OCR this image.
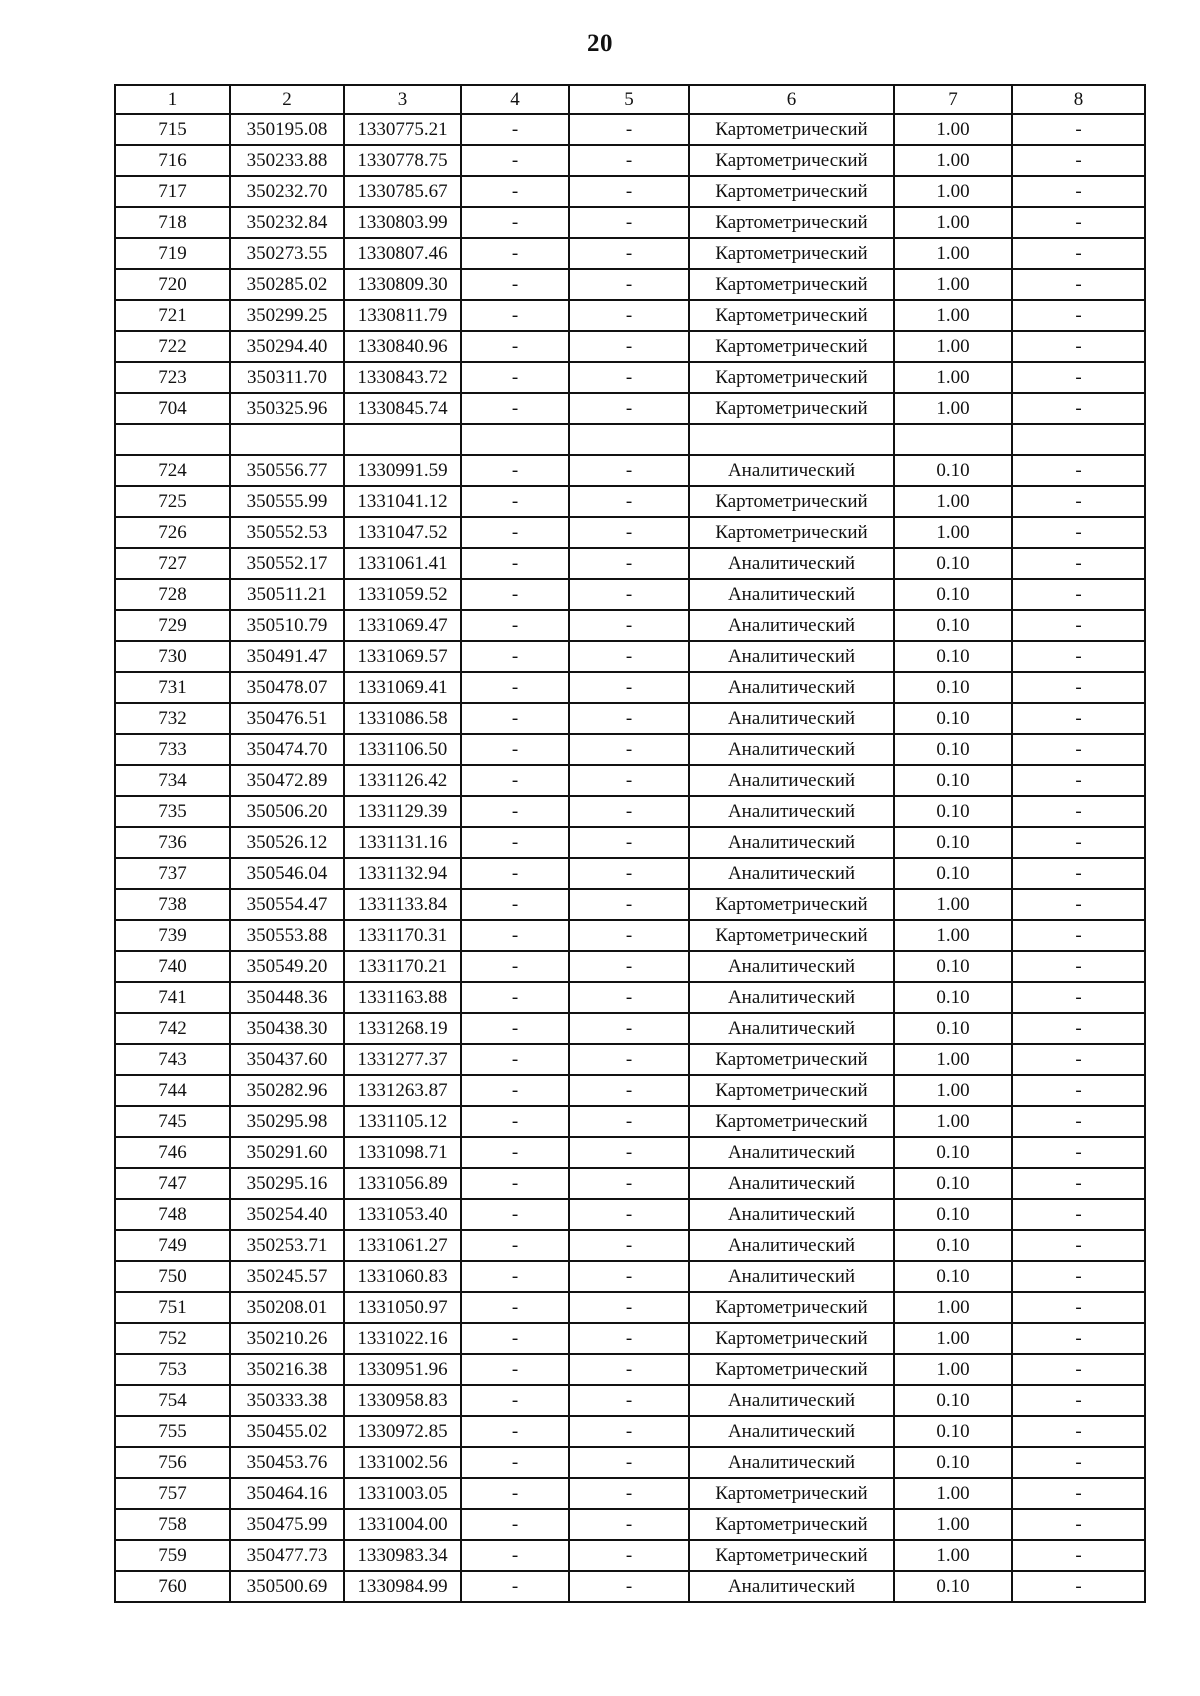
20
1	2	3	4	5	6	7	8
715	350195.08	1330775.21	-	-	Картометрический	1.00	-
716	350233.88	1330778.75	-	-	Картометрический	1.00	-
717	350232.70	1330785.67	-	-	Картометрический	1.00	-
718	350232.84	1330803.99	-	-	Картометрический	1.00	-
719	350273.55	1330807.46	-	-	Картометрический	1.00	-
720	350285.02	1330809.30	-	-	Картометрический	1.00	-
721	350299.25	1330811.79	-	-	Картометрический	1.00	-
722	350294.40	1330840.96	-	-	Картометрический	1.00	-
723	350311.70	1330843.72	-	-	Картометрический	1.00	-
704	350325.96	1330845.74	-	-	Картометрический	1.00	-

724	350556.77	1330991.59	-	-	Аналитический	0.10	-
725	350555.99	1331041.12	-	-	Картометрический	1.00	-
726	350552.53	1331047.52	-	-	Картометрический	1.00	-
727	350552.17	1331061.41	-	-	Аналитический	0.10	-
728	350511.21	1331059.52	-	-	Аналитический	0.10	-
729	350510.79	1331069.47	-	-	Аналитический	0.10	-
730	350491.47	1331069.57	-	-	Аналитический	0.10	-
731	350478.07	1331069.41	-	-	Аналитический	0.10	-
732	350476.51	1331086.58	-	-	Аналитический	0.10	-
733	350474.70	1331106.50	-	-	Аналитический	0.10	-
734	350472.89	1331126.42	-	-	Аналитический	0.10	-
735	350506.20	1331129.39	-	-	Аналитический	0.10	-
736	350526.12	1331131.16	-	-	Аналитический	0.10	-
737	350546.04	1331132.94	-	-	Аналитический	0.10	-
738	350554.47	1331133.84	-	-	Картометрический	1.00	-
739	350553.88	1331170.31	-	-	Картометрический	1.00	-
740	350549.20	1331170.21	-	-	Аналитический	0.10	-
741	350448.36	1331163.88	-	-	Аналитический	0.10	-
742	350438.30	1331268.19	-	-	Аналитический	0.10	-
743	350437.60	1331277.37	-	-	Картометрический	1.00	-
744	350282.96	1331263.87	-	-	Картометрический	1.00	-
745	350295.98	1331105.12	-	-	Картометрический	1.00	-
746	350291.60	1331098.71	-	-	Аналитический	0.10	-
747	350295.16	1331056.89	-	-	Аналитический	0.10	-
748	350254.40	1331053.40	-	-	Аналитический	0.10	-
749	350253.71	1331061.27	-	-	Аналитический	0.10	-
750	350245.57	1331060.83	-	-	Аналитический	0.10	-
751	350208.01	1331050.97	-	-	Картометрический	1.00	-
752	350210.26	1331022.16	-	-	Картометрический	1.00	-
753	350216.38	1330951.96	-	-	Картометрический	1.00	-
754	350333.38	1330958.83	-	-	Аналитический	0.10	-
755	350455.02	1330972.85	-	-	Аналитический	0.10	-
756	350453.76	1331002.56	-	-	Аналитический	0.10	-
757	350464.16	1331003.05	-	-	Картометрический	1.00	-
758	350475.99	1331004.00	-	-	Картометрический	1.00	-
759	350477.73	1330983.34	-	-	Картометрический	1.00	-
760	350500.69	1330984.99	-	-	Аналитический	0.10	-
